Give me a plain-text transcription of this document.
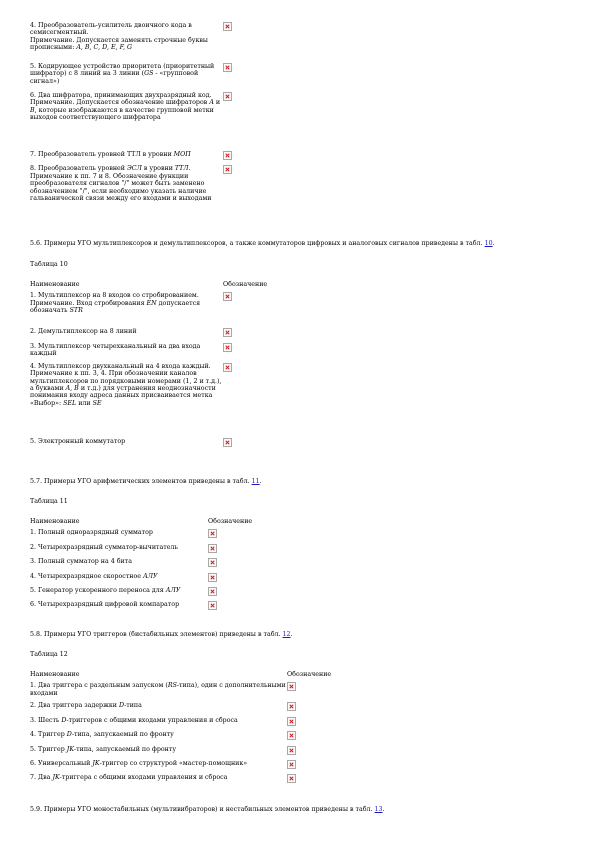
4. Преобразователь-усилитель двоичного кода в семисегментный.
Примечание. Допускается заменять строчные буквы прописными: A, B, C, D, E, F, G	
5. Кодирующее устройство приоритета (приоритетный шифратор) с 8 линий на 3 линии (GS - «групповой сигнал»)	
6. Два шифратора, принимающих двухразрядный код.
Примечание. Допускается обозначение шифраторов A и B, которые изображаются в качестве групповой метки выходов соответствующего шифратора	
7. Преобразователь уровней ТТЛ в уровни МОП	
8. Преобразователь уровней ЭСЛ в уровни ТТЛ.
Примечание к пп. 7 и 8. Обозначение функции преобразователя сигналов "/" может быть заменено обозначением "/", если необходимо указать наличие гальванической связи между его входами и выходами	
5.6. Примеры УГО мультиплексоров и демультиплексоров, а также коммутаторов цифровых и аналоговых сигналов приведены в табл. 10.
Таблица 10
Наименование	Обозначение
1. Мультиплексор на 8 входов со стробированием.
Примечание. Вход стробирования EN допускается обозначать STR	
2. Демультиплексор на 8 линий	
3. Мультиплексор четырехканальный на два входа каждый	
4. Мультиплексор двухканальный на 4 входа каждый.
Примечание к пп. 3, 4. При обозначении каналов мультиплексоров по порядковыми номерами (1, 2 и т.д.), а буквами A, B и т.д.) для устранения неоднозначности понимания входу адреса данных присваивается метка «Выбор»: SEL или SE	
5. Электронный коммутатор	
5.7. Примеры УГО арифметических элементов приведены в табл. 11.
Таблица 11
Наименование	Обозначение
1. Полный одноразрядный сумматор	
2. Четырехразрядный сумматор-вычитатель	
3. Полный сумматор на 4 бита	
4. Четырехразрядное скоростное АЛУ	
5. Генератор ускоренного переноса для АЛУ	
6. Четырехразрядный цифровой компаратор	
5.8. Примеры УГО триггеров (бистабильных элементов) приведены в табл. 12.
Таблица 12
Наименование	Обозначение
1. Два триггера с раздельным запуском (RS-типа), один с дополнительными входами	
2. Два триггера задержки D-типа	
3. Шесть D-триггеров с общими входами управления и сброса	
4. Триггер D-типа, запускаемый по фронту	
5. Триггер JK-типа, запускаемый по фронту	
6. Универсальный JK-триггер со структурой «мастер-помощник»	
7. Два JK-триггера с общими входами управления и сброса	
5.9. Примеры УГО моностабильных (мультивибраторов) и нестабильных элементов приведены в табл. 13.
